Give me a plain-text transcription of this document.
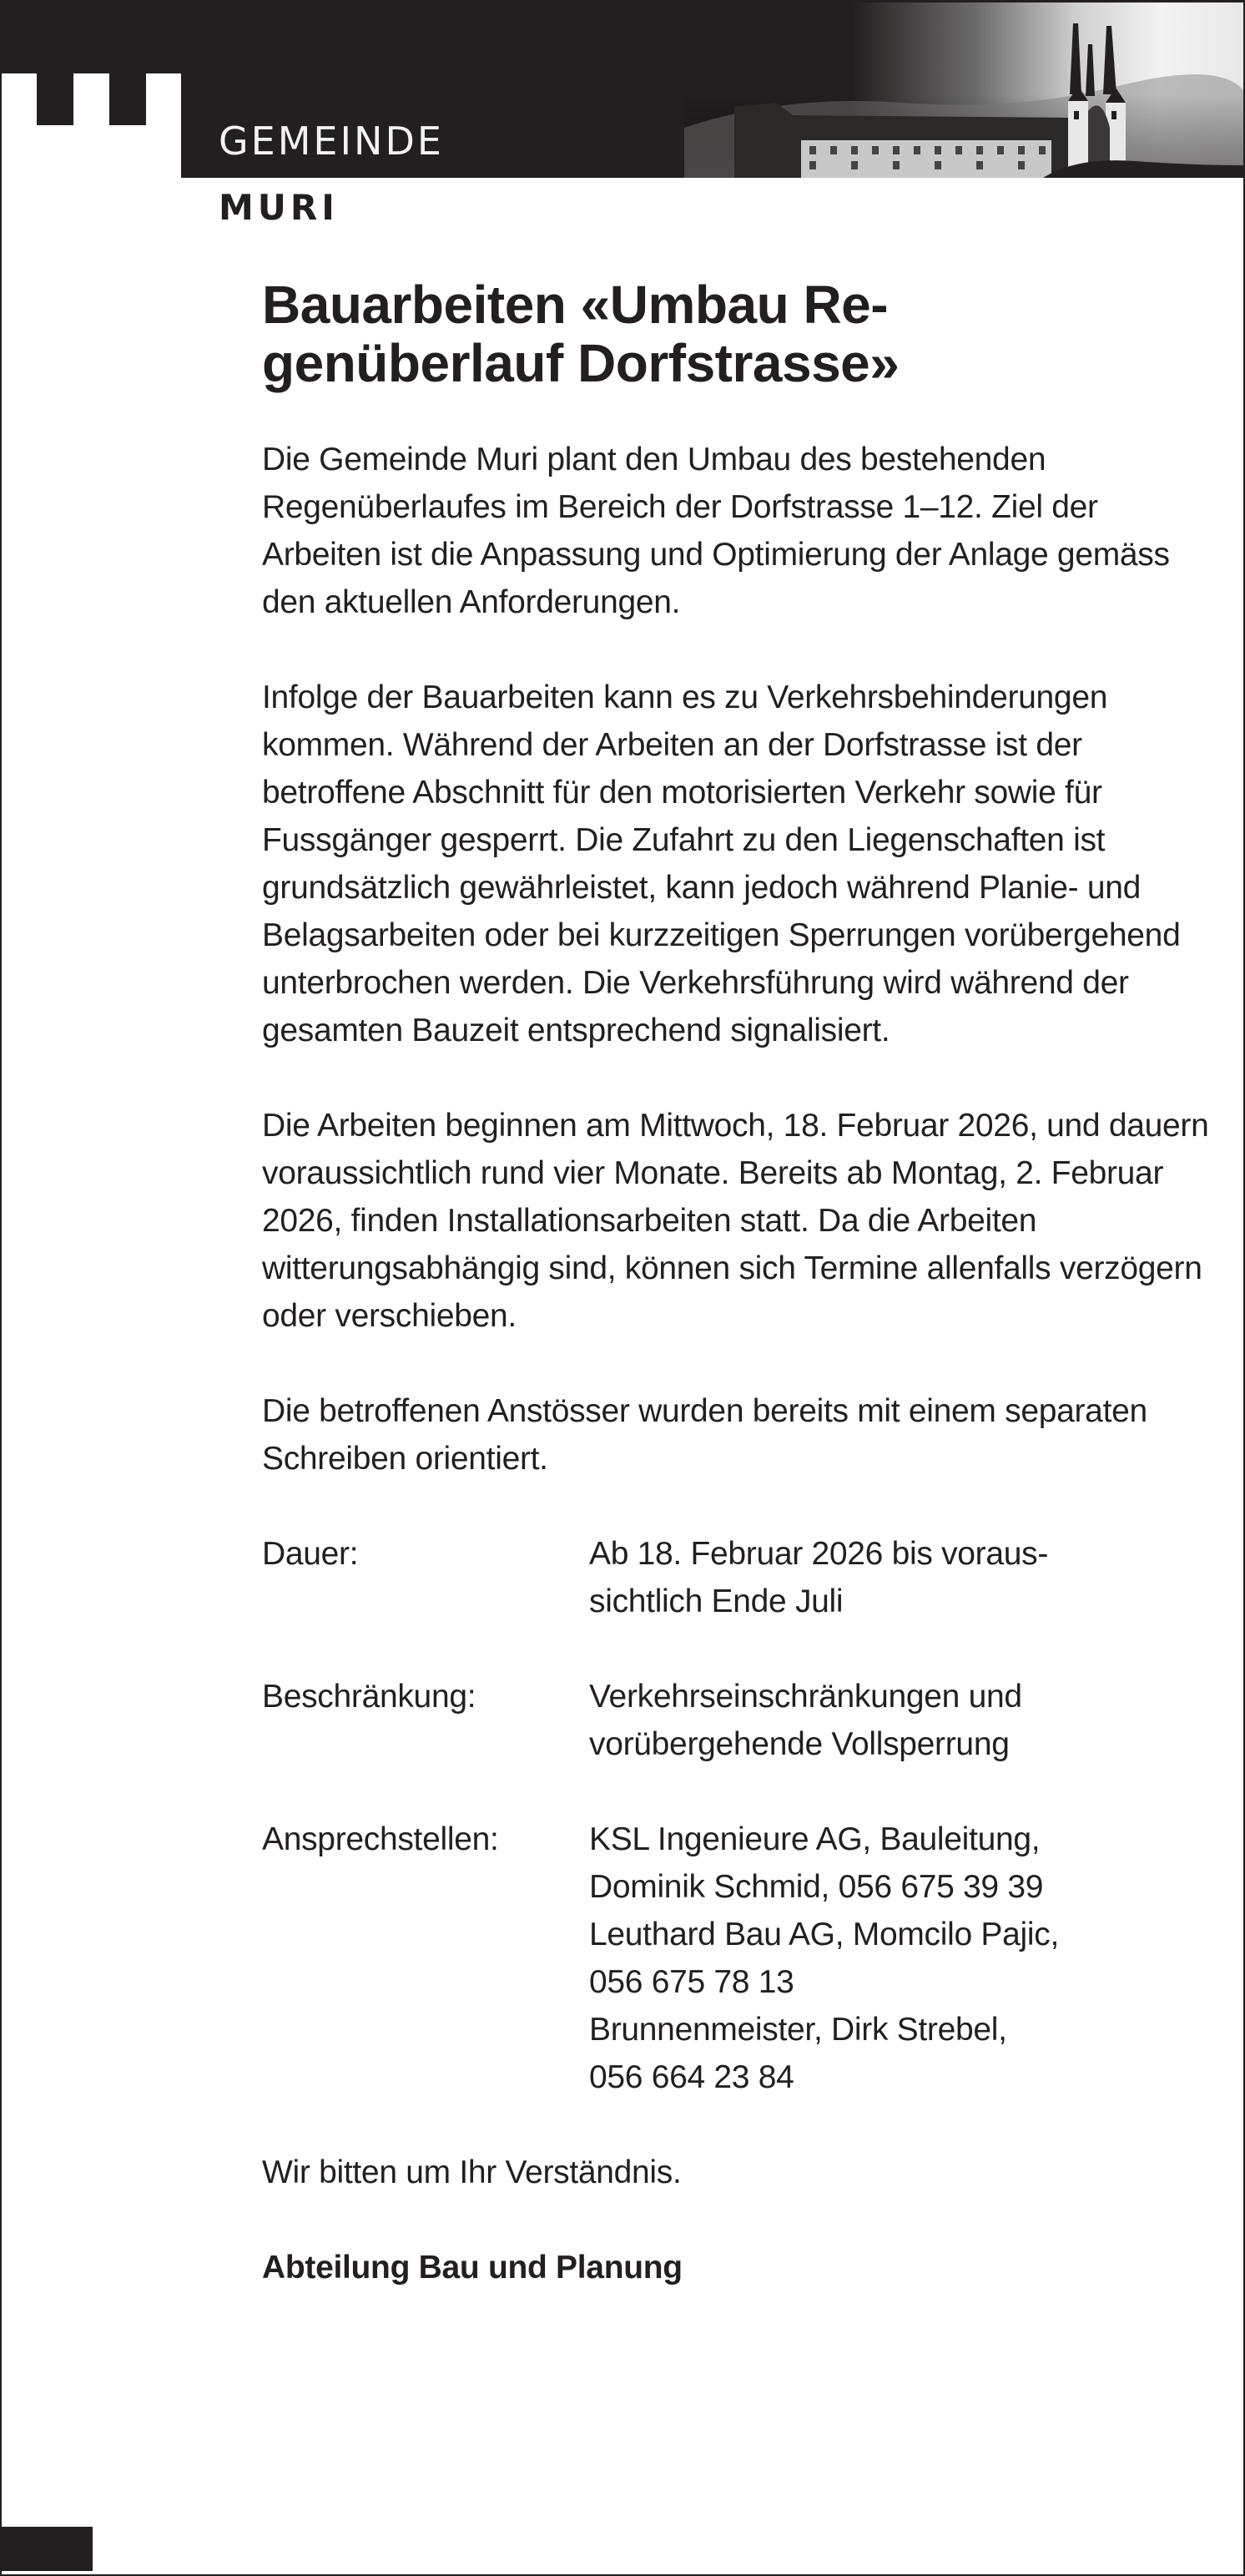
GEMEINDE
MURI
Bauarbeiten «Umbau Re-
genüberlauf Dorfstrasse»

Die Gemeinde Muri plant den Umbau des bestehenden Regenüberlaufes im Bereich der Dorfstrasse 1–12. Ziel der Arbeiten ist die Anpassung und Optimierung der Anlage gemäss den aktuellen Anforderungen.

Infolge der Bauarbeiten kann es zu Verkehrsbehinderungen kommen. Während der Arbeiten an der Dorfstrasse ist der betroffene Abschnitt für den motorisierten Verkehr sowie für Fussgänger gesperrt. Die Zufahrt zu den Liegenschaften ist grundsätzlich gewährleistet, kann jedoch während Planie- und Belagsarbeiten oder bei kurzzeitigen Sperrungen vorübergehend unterbrochen werden. Die Verkehrsführung wird während der gesamten Bauzeit entsprechend signalisiert.

Die Arbeiten beginnen am Mittwoch, 18. Februar 2026, und dauern voraussichtlich rund vier Monate. Bereits ab Montag, 2. Februar 2026, finden Installationsarbeiten statt. Da die Arbeiten witterungsabhängig sind, können sich Termine allenfalls verzögern oder verschieben.

Die betroffenen Anstösser wurden bereits mit einem separaten Schreiben orientiert.

Dauer:	Ab 18. Februar 2026 bis voraus-
sichtlich Ende Juli
Beschränkung:	Verkehrseinschränkungen und
vorübergehende Vollsperrung
Ansprechstellen:	KSL Ingenieure AG, Bauleitung,
Dominik Schmid, 056 675 39 39
Leuthard Bau AG, Momcilo Pajic,
056 675 78 13
Brunnenmeister, Dirk Strebel,
056 664 23 84

Wir bitten um Ihr Verständnis.

Abteilung Bau und Planung
